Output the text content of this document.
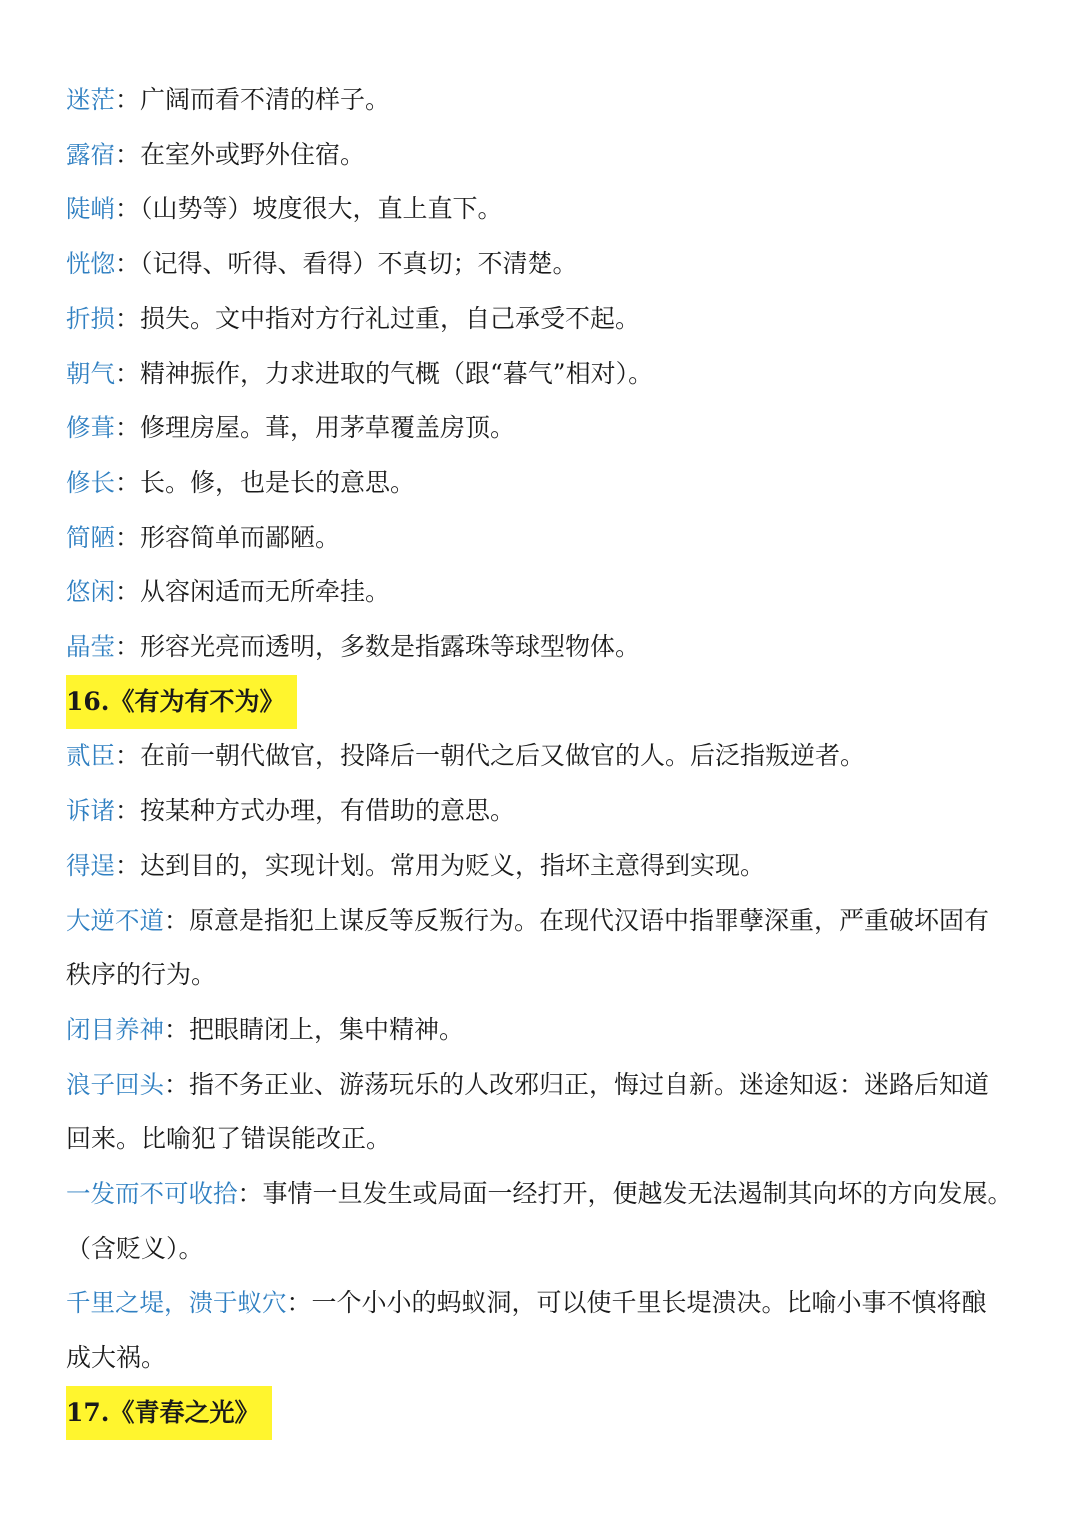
迷茫：广阔而看不清的样子。

露宿：在室外或野外住宿。

陡峭：（山势等）坡度很大，直上直下。

恍惚：（记得、听得、看得）不真切；不清楚。

折损：损失。文中指对方行礼过重，自己承受不起。

朝气：精神振作，力求进取的气概（跟“暮气”相对）。

修葺：修理房屋。葺，用茅草覆盖房顶。

修长：长。修，也是长的意思。

简陋：形容简单而鄙陋。

悠闲：从容闲适而无所牵挂。

晶莹：形容光亮而透明，多数是指露珠等球型物体。

16.《有为有不为》

贰臣：在前一朝代做官，投降后一朝代之后又做官的人。后泛指叛逆者。

诉诸：按某种方式办理，有借助的意思。

得逞：达到目的，实现计划。常用为贬义，指坏主意得到实现。

大逆不道：原意是指犯上谋反等反叛行为。在现代汉语中指罪孽深重，严重破坏固有

秩序的行为。

闭目养神：把眼睛闭上，集中精神。

浪子回头：指不务正业、游荡玩乐的人改邪归正，悔过自新。迷途知返：迷路后知道

回来。比喻犯了错误能改正。

一发而不可收拾：事情一旦发生或局面一经打开，便越发无法遏制其向坏的方向发展。

（含贬义）。

千里之堤，溃于蚁穴：一个小小的蚂蚁洞，可以使千里长堤溃决。比喻小事不慎将酿

成大祸。

17.《青春之光》
